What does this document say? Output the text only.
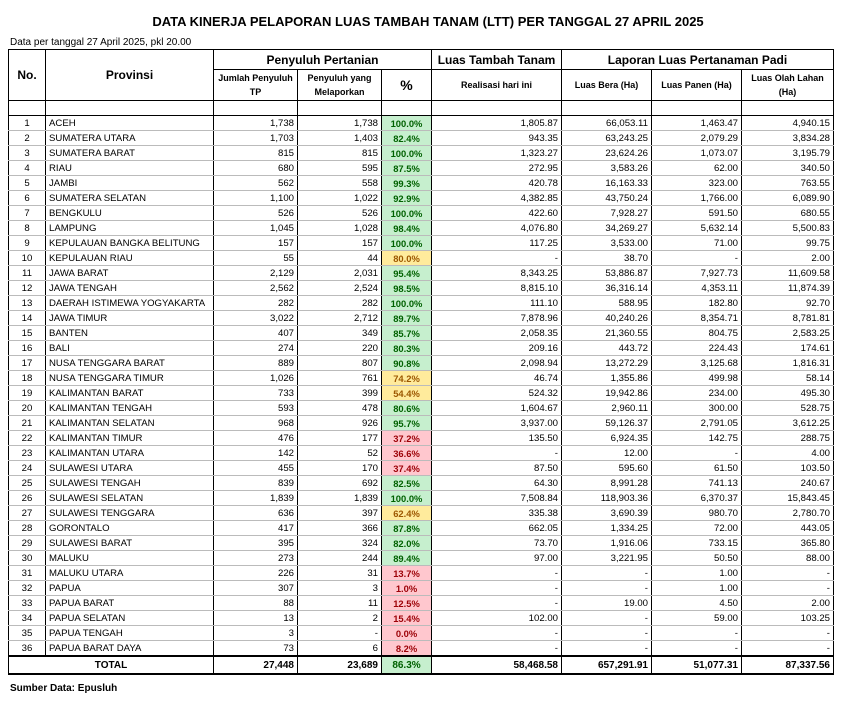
DATA KINERJA PELAPORAN LUAS TAMBAH TANAM (LTT) PER TANGGAL 27 APRIL 2025
Data per tanggal 27 April 2025, pkl 20.00
No.	Provinsi	Penyuluh Pertanian			Luas Tambah Tanam	Laporan Luas Pertanaman Padi		
		Jumlah Penyuluh TP	Penyuluh yang Melaporkan	%	Realisasi hari ini	Luas Bera (Ha)	Luas Panen (Ha)	Luas Olah Lahan (Ha)

1	ACEH	1,738	1,738	100.0%	1,805.87	66,053.11	1,463.47	4,940.15
2	SUMATERA UTARA	1,703	1,403	82.4%	943.35	63,243.25	2,079.29	3,834.28
3	SUMATERA BARAT	815	815	100.0%	1,323.27	23,624.26	1,073.07	3,195.79
4	RIAU	680	595	87.5%	272.95	3,583.26	62.00	340.50
5	JAMBI	562	558	99.3%	420.78	16,163.33	323.00	763.55
6	SUMATERA SELATAN	1,100	1,022	92.9%	4,382.85	43,750.24	1,766.00	6,089.90
7	BENGKULU	526	526	100.0%	422.60	7,928.27	591.50	680.55
8	LAMPUNG	1,045	1,028	98.4%	4,076.80	34,269.27	5,632.14	5,500.83
9	KEPULAUAN BANGKA BELITUNG	157	157	100.0%	117.25	3,533.00	71.00	99.75
10	KEPULAUAN RIAU	55	44	80.0%	-	38.70	-	2.00
11	JAWA BARAT	2,129	2,031	95.4%	8,343.25	53,886.87	7,927.73	11,609.58
12	JAWA TENGAH	2,562	2,524	98.5%	8,815.10	36,316.14	4,353.11	11,874.39
13	DAERAH ISTIMEWA YOGYAKARTA	282	282	100.0%	111.10	588.95	182.80	92.70
14	JAWA TIMUR	3,022	2,712	89.7%	7,878.96	40,240.26	8,354.71	8,781.81
15	BANTEN	407	349	85.7%	2,058.35	21,360.55	804.75	2,583.25
16	BALI	274	220	80.3%	209.16	443.72	224.43	174.61
17	NUSA TENGGARA BARAT	889	807	90.8%	2,098.94	13,272.29	3,125.68	1,816.31
18	NUSA TENGGARA TIMUR	1,026	761	74.2%	46.74	1,355.86	499.98	58.14
19	KALIMANTAN BARAT	733	399	54.4%	524.32	19,942.86	234.00	495.30
20	KALIMANTAN TENGAH	593	478	80.6%	1,604.67	2,960.11	300.00	528.75
21	KALIMANTAN SELATAN	968	926	95.7%	3,937.00	59,126.37	2,791.05	3,612.25
22	KALIMANTAN TIMUR	476	177	37.2%	135.50	6,924.35	142.75	288.75
23	KALIMANTAN UTARA	142	52	36.6%	-	12.00	-	4.00
24	SULAWESI UTARA	455	170	37.4%	87.50	595.60	61.50	103.50
25	SULAWESI TENGAH	839	692	82.5%	64.30	8,991.28	741.13	240.67
26	SULAWESI SELATAN	1,839	1,839	100.0%	7,508.84	118,903.36	6,370.37	15,843.45
27	SULAWESI TENGGARA	636	397	62.4%	335.38	3,690.39	980.70	2,780.70
28	GORONTALO	417	366	87.8%	662.05	1,334.25	72.00	443.05
29	SULAWESI BARAT	395	324	82.0%	73.70	1,916.06	733.15	365.80
30	MALUKU	273	244	89.4%	97.00	3,221.95	50.50	88.00
31	MALUKU UTARA	226	31	13.7%	-	-	1.00	-
32	PAPUA	307	3	1.0%	-	-	1.00	-
33	PAPUA BARAT	88	11	12.5%	-	19.00	4.50	2.00
34	PAPUA SELATAN	13	2	15.4%	102.00	-	59.00	103.25
35	PAPUA TENGAH	3	-	0.0%	-	-	-	-
36	PAPUA BARAT DAYA	73	6	8.2%	-	-	-	-
TOTAL		27,448	23,689	86.3%	58,468.58	657,291.91	51,077.31	87,337.56
Sumber Data: Epusluh
